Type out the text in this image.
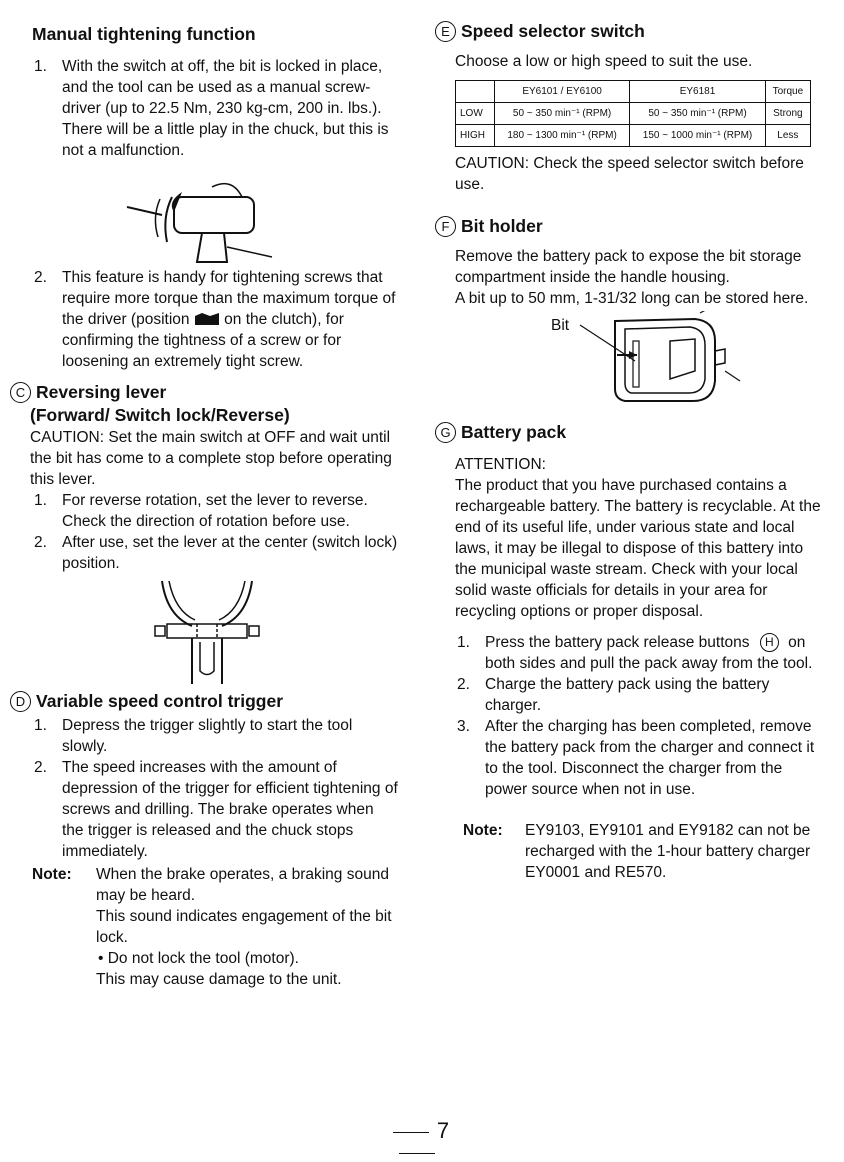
Manual tightening function
1. With the switch at off, the bit is locked in place, and the tool can be used as a manual screw-driver (up to 22.5 Nm, 230 kg-cm, 200 in. lbs.).

There will be a little play in the chuck, but this is not a malfunction.

2. This feature is handy for tightening screws that require more torque than the maximum torque of the driver (position on the clutch), for confirming the tightness of a screw or for loosening an extremely tight screw.

C Reversing lever
(Forward/ Switch lock/Reverse)

CAUTION: Set the main switch at OFF and wait until the bit has come to a complete stop before operating this lever.

1. For reverse rotation, set the lever to reverse.

Check the direction of rotation before use.

2. After use, set the lever at the center (switch lock) position.

D Variable speed control trigger
1. Depress the trigger slightly to start the tool slowly.

2. The speed increases with the amount of depression of the trigger for efficient tightening of screws and drilling. The brake operates when the trigger is released and the chuck stops immediately.

Note: When the brake operates, a braking sound may be heard.

This sound indicates engagement of the bit lock.

• Do not lock the tool (motor).

This may cause damage to the unit.

E Speed selector switch

Choose a low or high speed to suit the use.

	EY6101 / EY6100	EY6181	Torque
LOW	50 ~ 350 min⁻¹ (RPM)	50 ~ 350 min⁻¹ (RPM)	Strong
HIGH	180 ~ 1300 min⁻¹ (RPM)	150 ~ 1000 min⁻¹ (RPM)	Less

CAUTION: Check the speed selector switch before use.

F Bit holder

Remove the battery pack to expose the bit storage compartment inside the handle housing.

A bit up to 50 mm, 1-31/32 long can be stored here.

Bit
G Battery pack

ATTENTION:

The product that you have purchased contains a rechargeable battery. The battery is recyclable. At the end of its useful life, under various state and local laws, it may be illegal to dispose of this battery into the municipal waste stream. Check with your local solid waste officials for details in your area for recycling options or proper disposal.

1. Press the battery pack release buttons H on both sides and pull the pack away from the tool.

2. Charge the battery pack using the battery charger.

3. After the charging has been completed, remove the battery pack from the charger and connect it to the tool. Disconnect the charger from the power source when not in use.

Note: EY9103, EY9101 and EY9182 can not be recharged with the 1-hour battery charger EY0001 and RE570.

7
